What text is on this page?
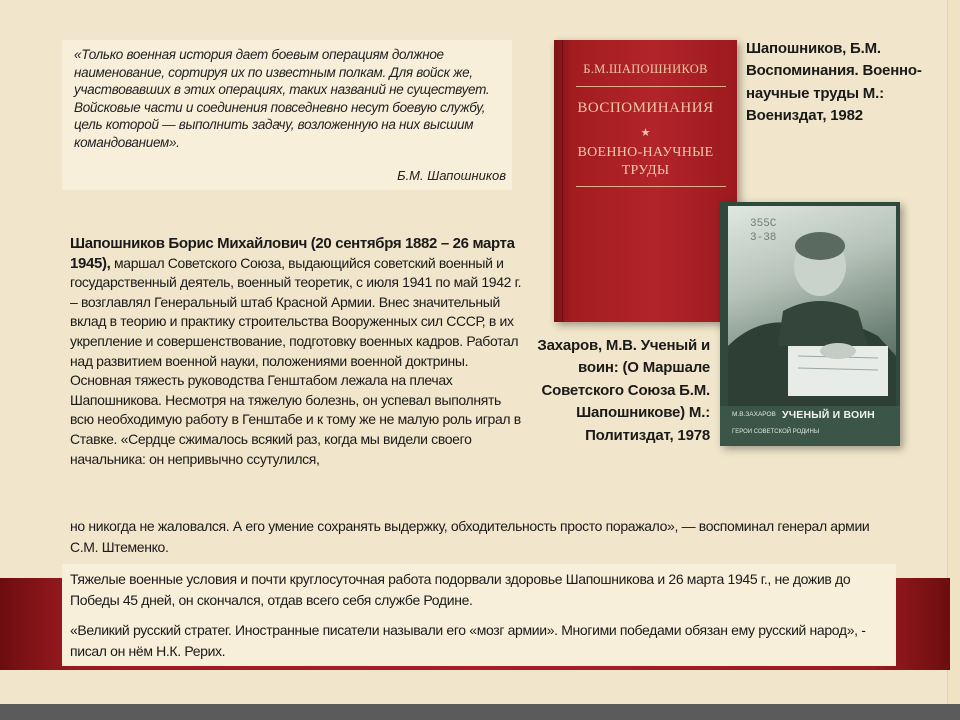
«Только военная история дает боевым операциям должное наименование, сортируя их по известным полкам. Для войск же, участвовавших в этих операциях, таких названий не существует. Войсковые части и соединения повседневно несут боевую службу, цель которой — выполнить задачу, возложенную на них высшим командованием».
Б.М. Шапошников
Шапошников Борис Михайлович (20 сентября 1882 – 26 марта 1945), маршал Советского Союза, выдающийся советский военный и государственный деятель, военный теоретик, с июля 1941 по май 1942 г. – возглавлял Генеральный штаб Красной Армии. Внес значительный вклад в теорию и практику строительства Вооруженных сил СССР, в их укрепление и совершенствование, подготовку военных кадров. Работал над развитием военной науки, положениями военной доктрины. Основная тяжесть руководства Генштабом лежала на плечах Шапошникова. Несмотря на тяжелую болезнь, он успевал выполнять всю необходимую работу в Генштабе и к тому же не малую роль играл в Ставке. «Сердце сжималось всякий раз, когда мы видели своего начальника: он непривычно ссутулился,
но никогда не жаловался. А его умение сохранять выдержку, обходительность просто поражало», — воспоминал генерал армии С.М. Штеменко.
Тяжелые военные условия и почти круглосуточная работа подорвали здоровье Шапошникова и 26 марта 1945 г., не дожив до Победы 45 дней, он скончался, отдав всего себя службе Родине.
«Великий русский стратег. Иностранные писатели называли его «мозг армии». Многими победами обязан ему русский народ», - писал он нём Н.К. Рерих.
Б.М.ШАПОШНИКОВ
ВОСПОМИНАНИЯ
★
ВОЕННО-НАУЧНЫЕ ТРУДЫ
355С
3-38
М.В.ЗАХАРОВ УЧЕНЫЙ И ВОИН
ГЕРОИ СОВЕТСКОЙ РОДИНЫ
Шапошников, Б.М. Воспоминания. Военно-научные труды М.: Воениздат, 1982
Захаров, М.В. Ученый и воин: (О Маршале Советского Союза Б.М. Шапошникове) М.: Политиздат, 1978
